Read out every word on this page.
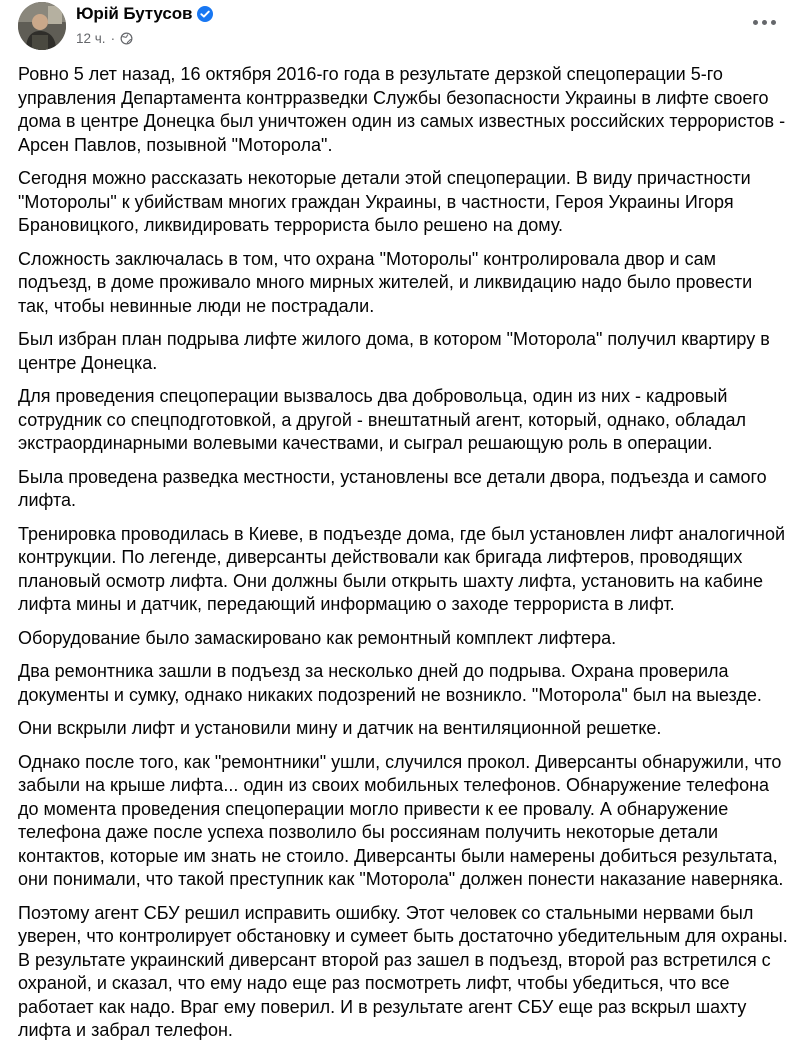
Юрій Бутусов
12 ч. ·

Ровно 5 лет назад, 16 октября 2016-го года в результате дерзкой спецоперации 5-го управления Департамента контрразведки Службы безопасности Украины в лифте своего дома в центре Донецка был уничтожен один из самых известных российских террористов - Арсен Павлов, позывной "Моторола".

Сегодня можно рассказать некоторые детали этой спецоперации. В виду причастности "Моторолы" к убийствам многих граждан Украины, в частности, Героя Украины Игоря Брановицкого, ликвидировать террориста было решено на дому.

Сложность заключалась в том, что охрана "Моторолы" контролировала двор и сам подъезд, в доме проживало много мирных жителей, и ликвидацию надо было провести так, чтобы невинные люди не пострадали.

Был избран план подрыва лифте жилого дома, в котором "Моторола" получил квартиру в центре Донецка.

Для проведения спецоперации вызвалось два добровольца, один из них - кадровый сотрудник со спецподготовкой, а другой - внештатный агент, который, однако, обладал экстраординарными волевыми качествами, и сыграл решающую роль в операции.

Была проведена разведка местности, установлены все детали двора, подъезда и самого лифта.

Тренировка проводилась в Киеве, в подъезде дома, где был установлен лифт аналогичной контрукции. По легенде, диверсанты действовали как бригада лифтеров, проводящих плановый осмотр лифта. Они должны были открыть шахту лифта, установить на кабине лифта мины и датчик, передающий информацию о заходе террориста в лифт.

Оборудование было замаскировано как ремонтный комплект лифтера.

Два ремонтника зашли в подъезд за несколько дней до подрыва. Охрана проверила документы и сумку, однако никаких подозрений не возникло. "Моторола" был на выезде.

Они вскрыли лифт и установили мину и датчик на вентиляционной решетке.

Однако после того, как "ремонтники" ушли, случился прокол. Диверсанты обнаружили, что забыли на крыше лифта... один из своих мобильных телефонов. Обнаружение телефона до момента проведения спецоперации могло привести к ее провалу. А обнаружение телефона даже после успеха позволило бы россиянам получить некоторые детали контактов, которые им знать не стоило. Диверсанты были намерены добиться результата, они понимали, что такой преступник как "Моторола" должен понести наказание наверняка.

Поэтому агент СБУ решил исправить ошибку. Этот человек со стальными нервами был уверен, что контролирует обстановку и сумеет быть достаточно убедительным для охраны. В результате украинский диверсант второй раз зашел в подъезд, второй раз встретился с охраной, и сказал, что ему надо еще раз посмотреть лифт, чтобы убедиться, что все работает как надо. Враг ему поверил. И в результате агент СБУ еще раз вскрыл шахту лифта и забрал телефон.
